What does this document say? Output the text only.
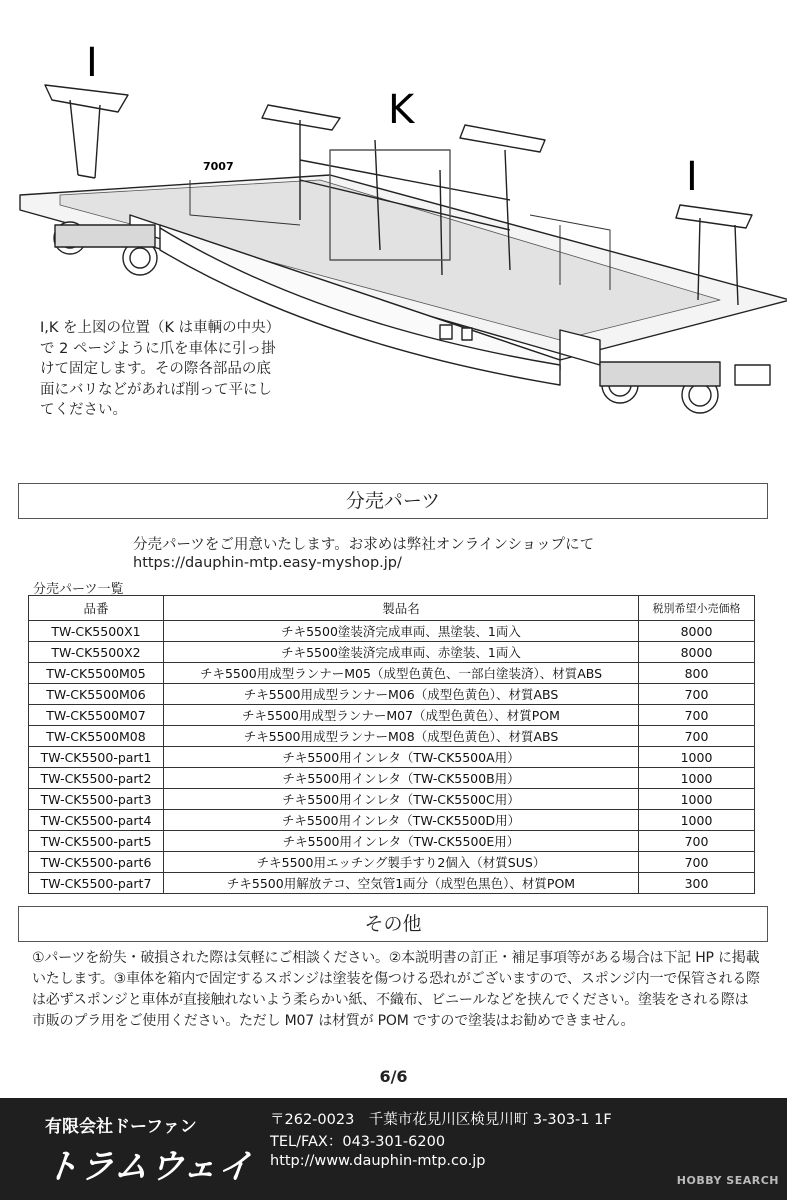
I
K
I
7007
I,K を上図の位置（K は車輌の中央）で 2 ページように爪を車体に引っ掛けて固定します。その際各部品の底面にバリなどがあれば削って平にしてください。
分売パーツ
分売パーツをご用意いたします。お求めは弊社オンラインショップにて
https://dauphin-mtp.easy-myshop.jp/
分売パーツ一覧
品番	製品名	税別希望小売価格
TW-CK5500X1	チキ5500塗装済完成車両、黒塗装、1両入	8000
TW-CK5500X2	チキ5500塗装済完成車両、赤塗装、1両入	8000
TW-CK5500M05	チキ5500用成型ランナーM05（成型色黄色、一部白塗装済）、材質ABS	800
TW-CK5500M06	チキ5500用成型ランナーM06（成型色黄色）、材質ABS	700
TW-CK5500M07	チキ5500用成型ランナーM07（成型色黄色）、材質POM	700
TW-CK5500M08	チキ5500用成型ランナーM08（成型色黄色）、材質ABS	700
TW-CK5500-part1	チキ5500用インレタ（TW-CK5500A用）	1000
TW-CK5500-part2	チキ5500用インレタ（TW-CK5500B用）	1000
TW-CK5500-part3	チキ5500用インレタ（TW-CK5500C用）	1000
TW-CK5500-part4	チキ5500用インレタ（TW-CK5500D用）	1000
TW-CK5500-part5	チキ5500用インレタ（TW-CK5500E用）	700
TW-CK5500-part6	チキ5500用エッチング製手すり2個入（材質SUS）	700
TW-CK5500-part7	チキ5500用解放テコ、空気管1両分（成型色黒色）、材質POM	300
その他
①パーツを紛失・破損された際は気軽にご相談ください。②本説明書の訂正・補足事項等がある場合は下記 HP に掲載いたします。③車体を箱内で固定するスポンジは塗装を傷つける恐れがございますので、スポンジ内一で保管される際は必ずスポンジと車体が直接触れないよう柔らかい紙、不織布、ビニールなどを挟んでください。塗装をされる際は市販のプラ用をご使用ください。ただし M07 は材質が POM ですので塗装はお勧めできません。
6/6
有限会社ドーファン
トラムウェイ
〒262-0023　千葉市花見川区検見川町 3-303-1 1F
TEL/FAX：043-301-6200
http://www.dauphin-mtp.co.jp
HOBBY SEARCH
